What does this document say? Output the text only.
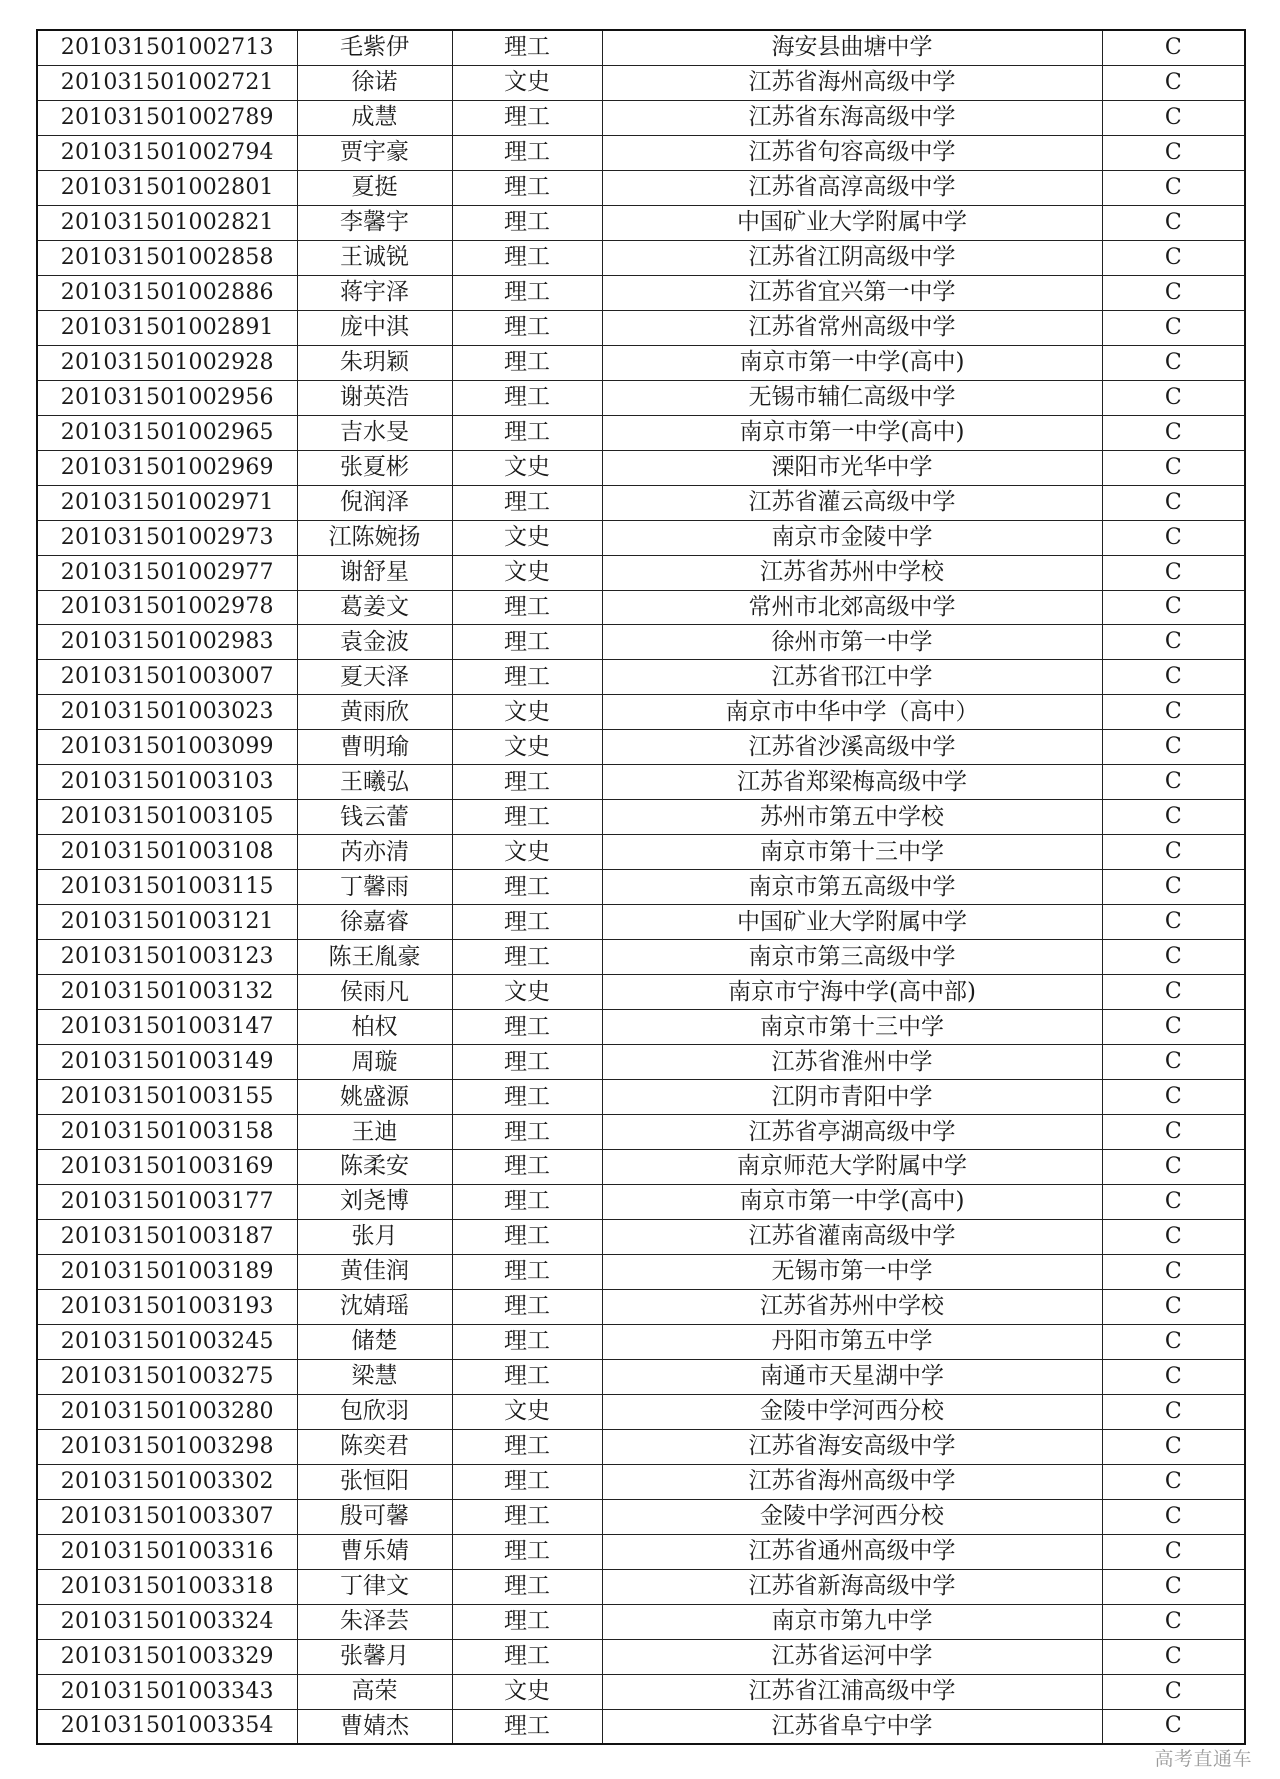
201031501002713	毛紫伊	理工	海安县曲塘中学	C
201031501002721	徐诺	文史	江苏省海州高级中学	C
201031501002789	成慧	理工	江苏省东海高级中学	C
201031501002794	贾宇豪	理工	江苏省句容高级中学	C
201031501002801	夏挺	理工	江苏省高淳高级中学	C
201031501002821	李馨宇	理工	中国矿业大学附属中学	C
201031501002858	王诚锐	理工	江苏省江阴高级中学	C
201031501002886	蒋宇泽	理工	江苏省宜兴第一中学	C
201031501002891	庞中淇	理工	江苏省常州高级中学	C
201031501002928	朱玥颖	理工	南京市第一中学(高中)	C
201031501002956	谢英浩	理工	无锡市辅仁高级中学	C
201031501002965	吉水旻	理工	南京市第一中学(高中)	C
201031501002969	张夏彬	文史	溧阳市光华中学	C
201031501002971	倪润泽	理工	江苏省灌云高级中学	C
201031501002973	江陈婉扬	文史	南京市金陵中学	C
201031501002977	谢舒星	文史	江苏省苏州中学校	C
201031501002978	葛姜文	理工	常州市北郊高级中学	C
201031501002983	袁金波	理工	徐州市第一中学	C
201031501003007	夏天泽	理工	江苏省邗江中学	C
201031501003023	黄雨欣	文史	南京市中华中学（高中）	C
201031501003099	曹明瑜	文史	江苏省沙溪高级中学	C
201031501003103	王曦弘	理工	江苏省郑梁梅高级中学	C
201031501003105	钱云蕾	理工	苏州市第五中学校	C
201031501003108	芮亦清	文史	南京市第十三中学	C
201031501003115	丁馨雨	理工	南京市第五高级中学	C
201031501003121	徐嘉睿	理工	中国矿业大学附属中学	C
201031501003123	陈王胤豪	理工	南京市第三高级中学	C
201031501003132	侯雨凡	文史	南京市宁海中学(高中部)	C
201031501003147	柏权	理工	南京市第十三中学	C
201031501003149	周璇	理工	江苏省淮州中学	C
201031501003155	姚盛源	理工	江阴市青阳中学	C
201031501003158	王迪	理工	江苏省亭湖高级中学	C
201031501003169	陈柔安	理工	南京师范大学附属中学	C
201031501003177	刘尧博	理工	南京市第一中学(高中)	C
201031501003187	张月	理工	江苏省灌南高级中学	C
201031501003189	黄佳润	理工	无锡市第一中学	C
201031501003193	沈婧瑶	理工	江苏省苏州中学校	C
201031501003245	储楚	理工	丹阳市第五中学	C
201031501003275	梁慧	理工	南通市天星湖中学	C
201031501003280	包欣羽	文史	金陵中学河西分校	C
201031501003298	陈奕君	理工	江苏省海安高级中学	C
201031501003302	张恒阳	理工	江苏省海州高级中学	C
201031501003307	殷可馨	理工	金陵中学河西分校	C
201031501003316	曹乐婧	理工	江苏省通州高级中学	C
201031501003318	丁律文	理工	江苏省新海高级中学	C
201031501003324	朱泽芸	理工	南京市第九中学	C
201031501003329	张馨月	理工	江苏省运河中学	C
201031501003343	高荣	文史	江苏省江浦高级中学	C
201031501003354	曹婧杰	理工	江苏省阜宁中学	C
高考直通车
